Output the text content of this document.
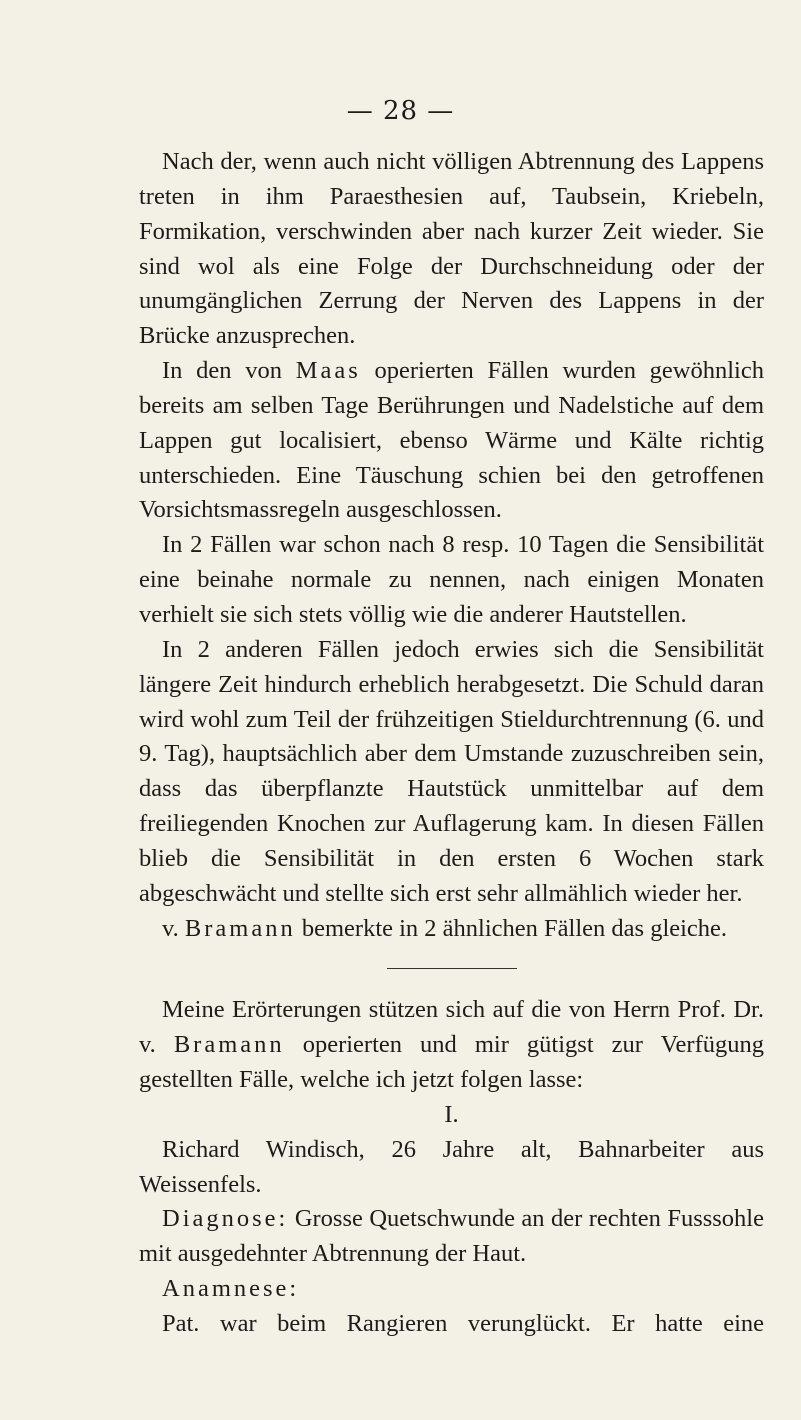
— 28 —

Nach der, wenn auch nicht völligen Abtrennung des Lappens treten in ihm Paraesthesien auf, Taubsein, Kriebeln, Formikation, verschwinden aber nach kurzer Zeit wieder. Sie sind wol als eine Folge der Durchschneidung oder der unumgänglichen Zerrung der Nerven des Lappens in der Brücke anzusprechen.

In den von Maas operierten Fällen wurden gewöhnlich bereits am selben Tage Berührungen und Nadelstiche auf dem Lappen gut localisiert, ebenso Wärme und Kälte richtig unterschieden. Eine Täuschung schien bei den getroffenen Vorsichtsmassregeln ausgeschlossen.

In 2 Fällen war schon nach 8 resp. 10 Tagen die Sensibilität eine beinahe normale zu nennen, nach einigen Monaten verhielt sie sich stets völlig wie die anderer Hautstellen.

In 2 anderen Fällen jedoch erwies sich die Sensibilität längere Zeit hindurch erheblich herabgesetzt. Die Schuld daran wird wohl zum Teil der frühzeitigen Stieldurchtrennung (6. und 9. Tag), hauptsächlich aber dem Umstande zuzuschreiben sein, dass das überpflanzte Hautstück unmittelbar auf dem freiliegenden Knochen zur Auflagerung kam. In diesen Fällen blieb die Sensibilität in den ersten 6 Wochen stark abgeschwächt und stellte sich erst sehr allmählich wieder her.

v. Bramann bemerkte in 2 ähnlichen Fällen das gleiche.

Meine Erörterungen stützen sich auf die von Herrn Prof. Dr. v. Bramann operierten und mir gütigst zur Verfügung gestellten Fälle, welche ich jetzt folgen lasse:

I.

Richard Windisch, 26 Jahre alt, Bahnarbeiter aus Weissenfels.

Diagnose: Grosse Quetschwunde an der rechten Fusssohle mit ausgedehnter Abtrennung der Haut.

Anamnese:

Pat. war beim Rangieren verunglückt. Er hatte eine
